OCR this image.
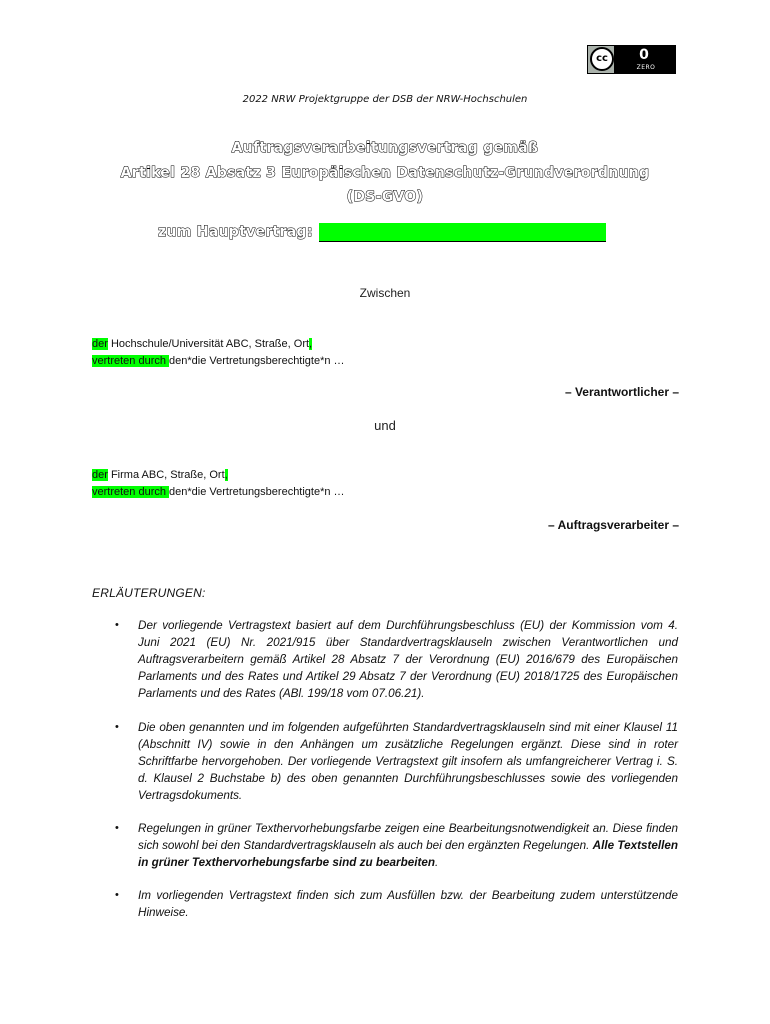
cc	0
ZERO
2022 NRW Projektgruppe der DSB der NRW-Hochschulen
Auftragsverarbeitungsvertrag gemäß
Artikel 28 Absatz 3 Europäischen Datenschutz-Grundverordnung
(DS-GVO)
zum Hauptvertrag:
Zwischen
der Hochschule/Universität ABC, Straße, Ort,
vertreten durch den*die Vertretungsberechtigte*n …
– Verantwortlicher –
und
der Firma ABC, Straße, Ort,
vertreten durch den*die Vertretungsberechtigte*n …
– Auftragsverarbeiter –
ERLÄUTERUNGEN:
• Der vorliegende Vertragstext basiert auf dem Durchführungsbeschluss (EU) der Kommission vom 4. Juni 2021 (EU) Nr. 2021/915 über Standardvertragsklauseln zwischen Verantwortlichen und Auftragsverarbeitern gemäß Artikel 28 Absatz 7 der Verordnung (EU) 2016/679 des Europäischen Parlaments und des Rates und Artikel 29 Absatz 7 der Verordnung (EU) 2018/1725 des Europäischen Parlaments und des Rates (ABl. 199/18 vom 07.06.21).
• Die oben genannten und im folgenden aufgeführten Standardvertragsklauseln sind mit einer Klausel 11 (Abschnitt IV) sowie in den Anhängen um zusätzliche Regelungen ergänzt. Diese sind in roter Schriftfarbe hervorgehoben. Der vorliegende Vertragstext gilt insofern als umfangreicherer Vertrag i. S. d. Klausel 2 Buchstabe b) des oben genannten Durchführungsbeschlusses sowie des vorliegenden Vertragsdokuments.
• Regelungen in grüner Texthervorhebungsfarbe zeigen eine Bearbeitungsnotwendigkeit an. Diese finden sich sowohl bei den Standardvertragsklauseln als auch bei den ergänzten Regelungen. Alle Textstellen in grüner Texthervorhebungsfarbe sind zu bearbeiten.
• Im vorliegenden Vertragstext finden sich zum Ausfüllen bzw. der Bearbeitung zudem unterstützende Hinweise.
